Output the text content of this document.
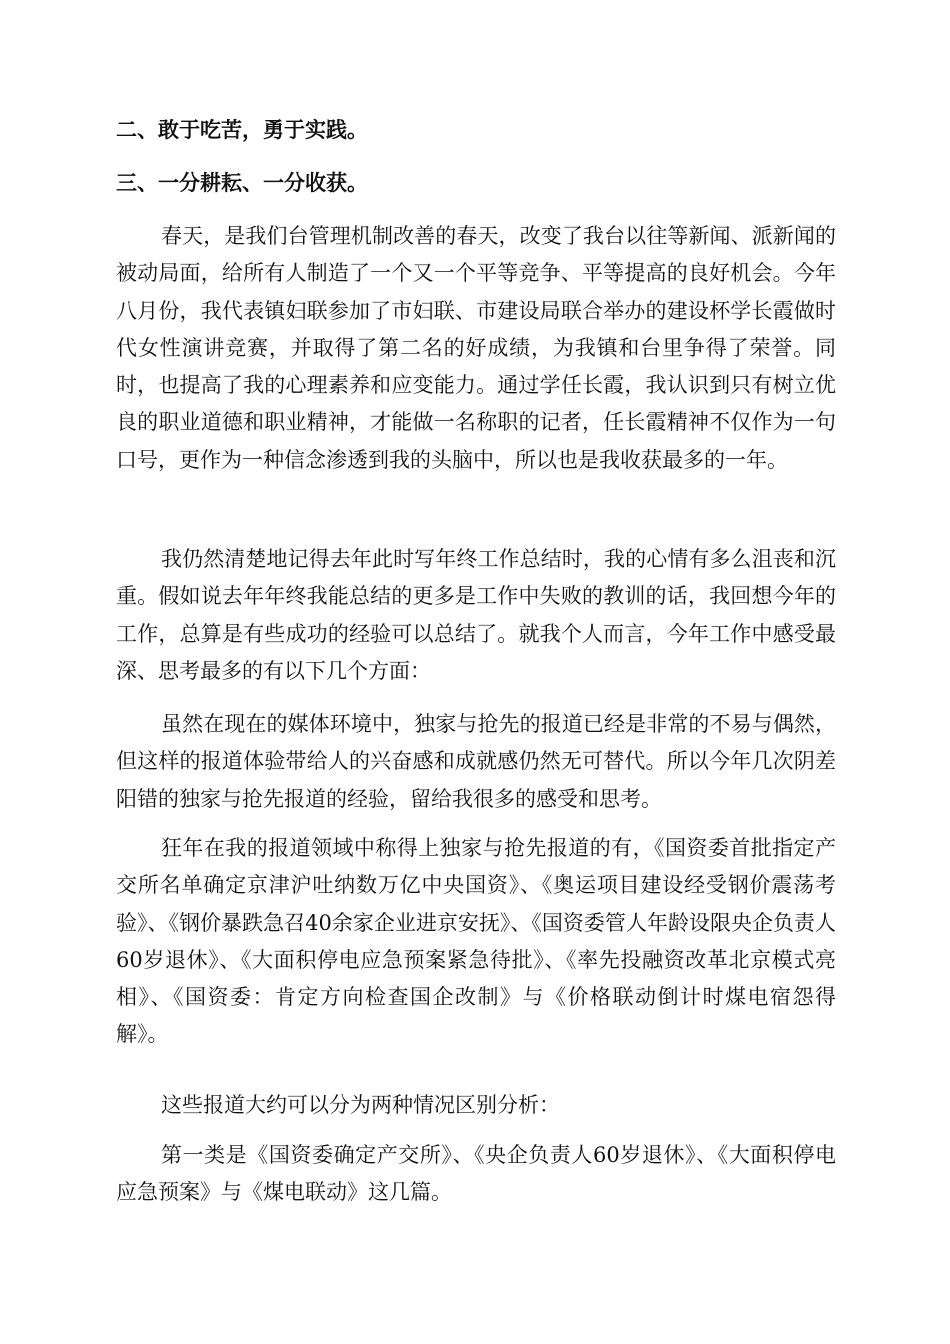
二、敢于吃苦，勇于实践。

三、一分耕耘、一分收获。

春天，是我们台管理机制改善的春天，改变了我台以往等新闻、派新闻的被动局面，给所有人制造了一个又一个平等竞争、平等提高的良好机会。今年八月份，我代表镇妇联参加了市妇联、市建设局联合举办的建设杯学长霞做时代女性演讲竞赛，并取得了第二名的好成绩，为我镇和台里争得了荣誉。同时，也提高了我的心理素养和应变能力。通过学任长霞，我认识到只有树立优良的职业道德和职业精神，才能做一名称职的记者，任长霞精神不仅作为一句口号，更作为一种信念渗透到我的头脑中，所以也是我收获最多的一年。

我仍然清楚地记得去年此时写年终工作总结时，我的心情有多么沮丧和沉重。假如说去年年终我能总结的更多是工作中失败的教训的话，我回想今年的工作，总算是有些成功的经验可以总结了。就我个人而言，今年工作中感受最深、思考最多的有以下几个方面：

虽然在现在的媒体环境中，独家与抢先的报道已经是非常的不易与偶然，但这样的报道体验带给人的兴奋感和成就感仍然无可替代。所以今年几次阴差阳错的独家与抢先报道的经验，留给我很多的感受和思考。

狂年在我的报道领域中称得上独家与抢先报道的有，《国资委首批指定产交所名单确定京津沪吐纳数万亿中央国资》、《奥运项目建设经受钢价震荡考验》、《钢价暴跌急召40余家企业进京安抚》、《国资委管人年龄设限央企负责人60岁退休》、《大面积停电应急预案紧急待批》、《率先投融资改革北京模式亮相》、《国资委：肯定方向检查国企改制》与《价格联动倒计时煤电宿怨得解》。

这些报道大约可以分为两种情况区别分析：

第一类是《国资委确定产交所》、《央企负责人60岁退休》、《大面积停电应急预案》与《煤电联动》这几篇。
